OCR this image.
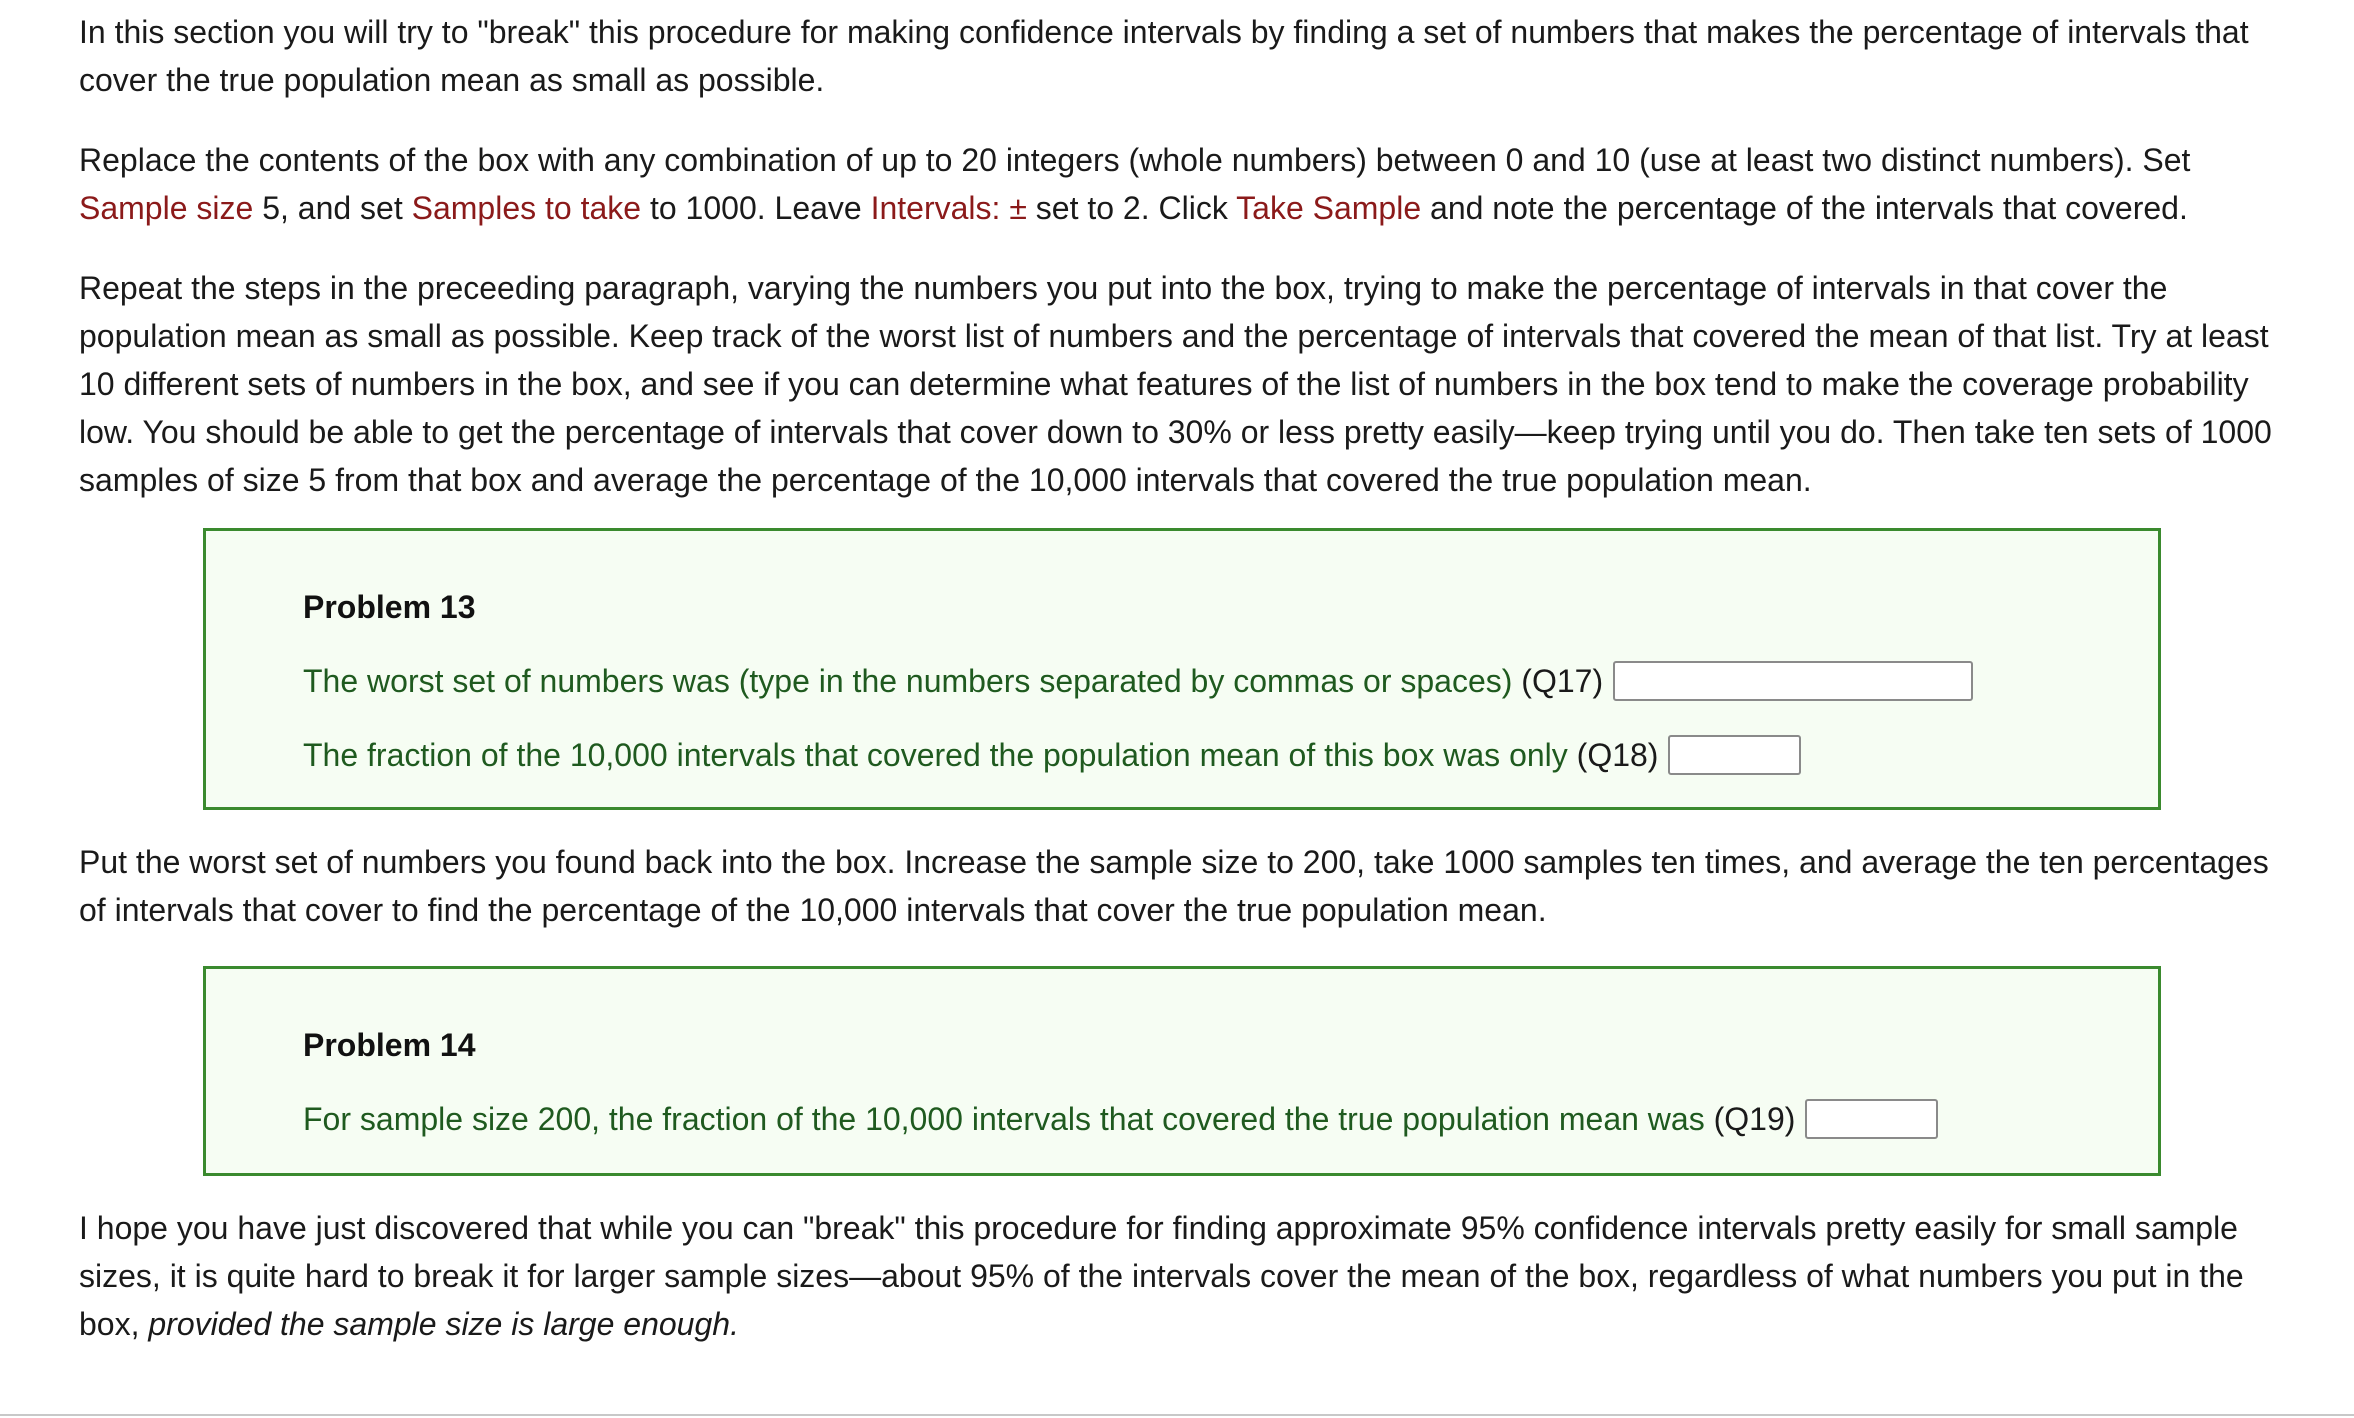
In this section you will try to "break" this procedure for making confidence intervals by finding a set of numbers that makes the percentage of intervals that cover the true population mean as small as possible.

Replace the contents of the box with any combination of up to 20 integers (whole numbers) between 0 and 10 (use at least two distinct numbers). Set Sample size 5, and set Samples to take to 1000. Leave Intervals: ± set to 2. Click Take Sample and note the percentage of the intervals that covered.

Repeat the steps in the preceeding paragraph, varying the numbers you put into the box, trying to make the percentage of intervals in that cover the population mean as small as possible. Keep track of the worst list of numbers and the percentage of intervals that covered the mean of that list. Try at least 10 different sets of numbers in the box, and see if you can determine what features of the list of numbers in the box tend to make the coverage probability low. You should be able to get the percentage of intervals that cover down to 30% or less pretty easily—keep trying until you do. Then take ten sets of 1000 samples of size 5 from that box and average the percentage of the 10,000 intervals that covered the true population mean.

Problem 13
The worst set of numbers was (type in the numbers separated by commas or spaces)
(Q17)
The fraction of the 10,000 intervals that covered the population mean of this box was only
(Q18)

Put the worst set of numbers you found back into the box. Increase the sample size to 200, take 1000 samples ten times, and average the ten percentages of intervals that cover to find the percentage of the 10,000 intervals that cover the true population mean.

Problem 14
For sample size 200, the fraction of the 10,000 intervals that covered the true population mean was
(Q19)

I hope you have just discovered that while you can "break" this procedure for finding approximate 95% confidence intervals pretty easily for small sample sizes, it is quite hard to break it for larger sample sizes—about 95% of the intervals cover the mean of the box, regardless of what numbers you put in the box, provided the sample size is large enough.
